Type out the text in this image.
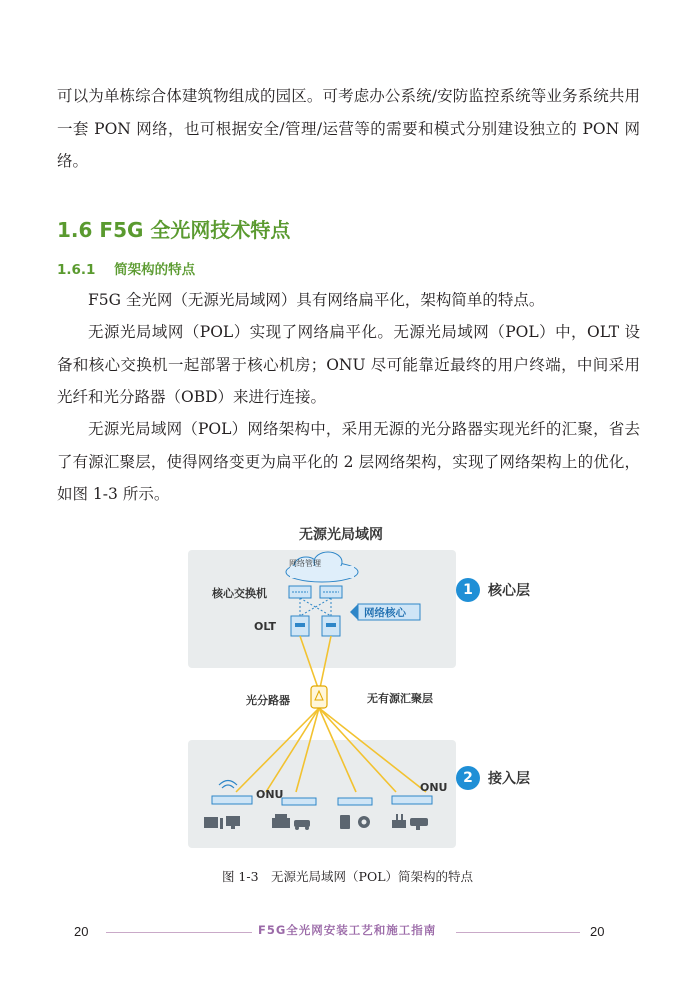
可以为单栋综合体建筑物组成的园区。可考虑办公系统/安防监控系统等业务系统共用一套 PON 网络，也可根据安全/管理/运营等的需要和模式分别建设独立的 PON 网络。

1.6 F5G 全光网技术特点
1.6.1 简架构的特点

F5G 全光网（无源光局域网）具有网络扁平化，架构简单的特点。

无源光局域网（POL）实现了网络扁平化。无源光局域网（POL）中，OLT 设备和核心交换机一起部署于核心机房；ONU 尽可能靠近最终的用户终端，中间采用光纤和光分路器（OBD）来进行连接。

无源光局域网（POL）网络架构中，采用无源的光分路器实现光纤的汇聚，省去了有源汇聚层，使得网络变更为扁平化的 2 层网络架构，实现了网络架构上的优化，如图 1-3 所示。

无源光局域网
网络管理
核心交换机
网络核心
OLT
光分路器	无有源汇聚层
ONU
ONU
1	核心层
2	接入层
图 1-3　无源光局域网（POL）简架构的特点
20	F5G全光网安装工艺和施工指南	20
